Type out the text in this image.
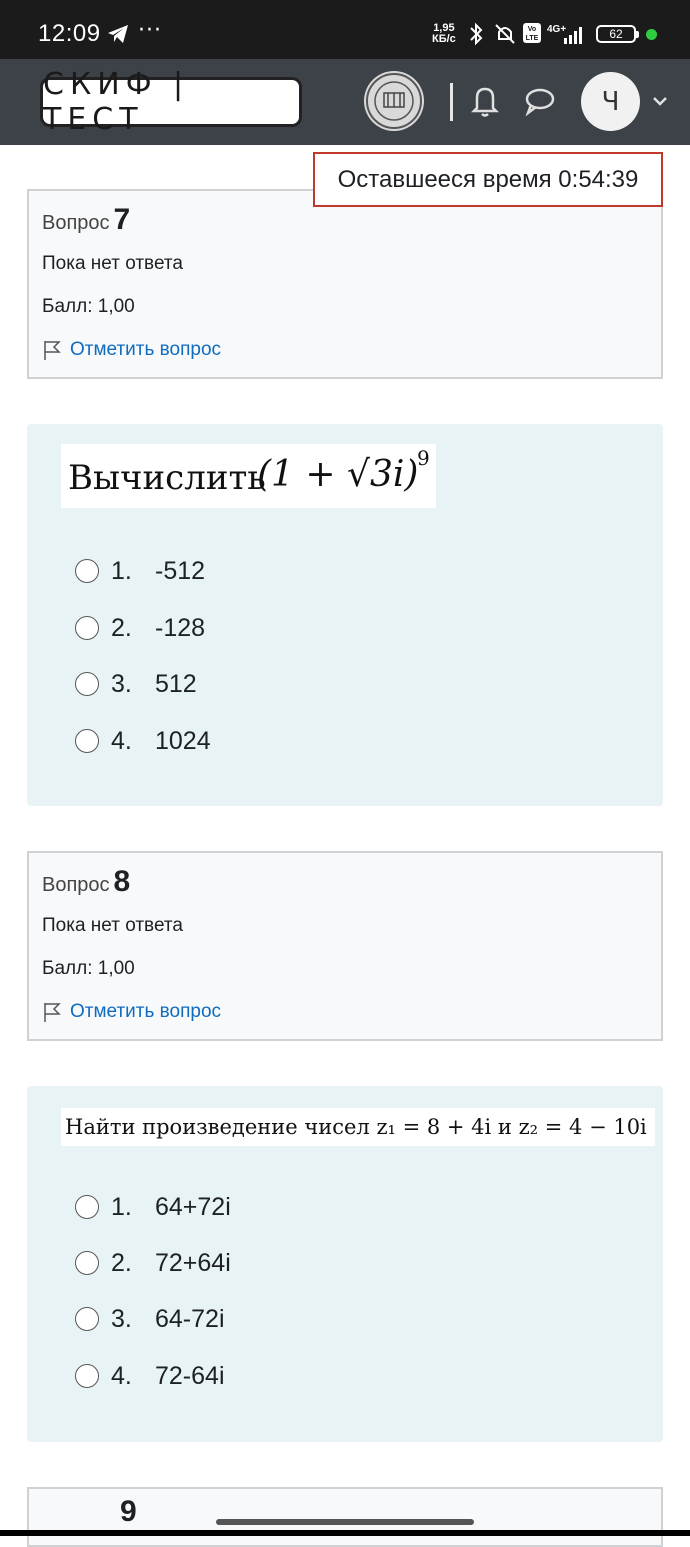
12:09 ···	1,95
КБ/с
Vo
LTE
4G+	62
СКИФ | ТЕСТ
Ч
Оставшееся время 0:54:39
Вопрос 7
Пока нет ответа
Балл: 1,00
Отметить вопрос
Вычислить
(1 + √3i)
9
1. -512
2. -128
3. 512
4. 1024
Вопрос 8
Пока нет ответа
Балл: 1,00
Отметить вопрос
Найти произведение чисел z₁ = 8 + 4i и z₂ = 4 − 10i
1. 64+72i
2. 72+64i
3. 64-72i
4. 72-64i
9
